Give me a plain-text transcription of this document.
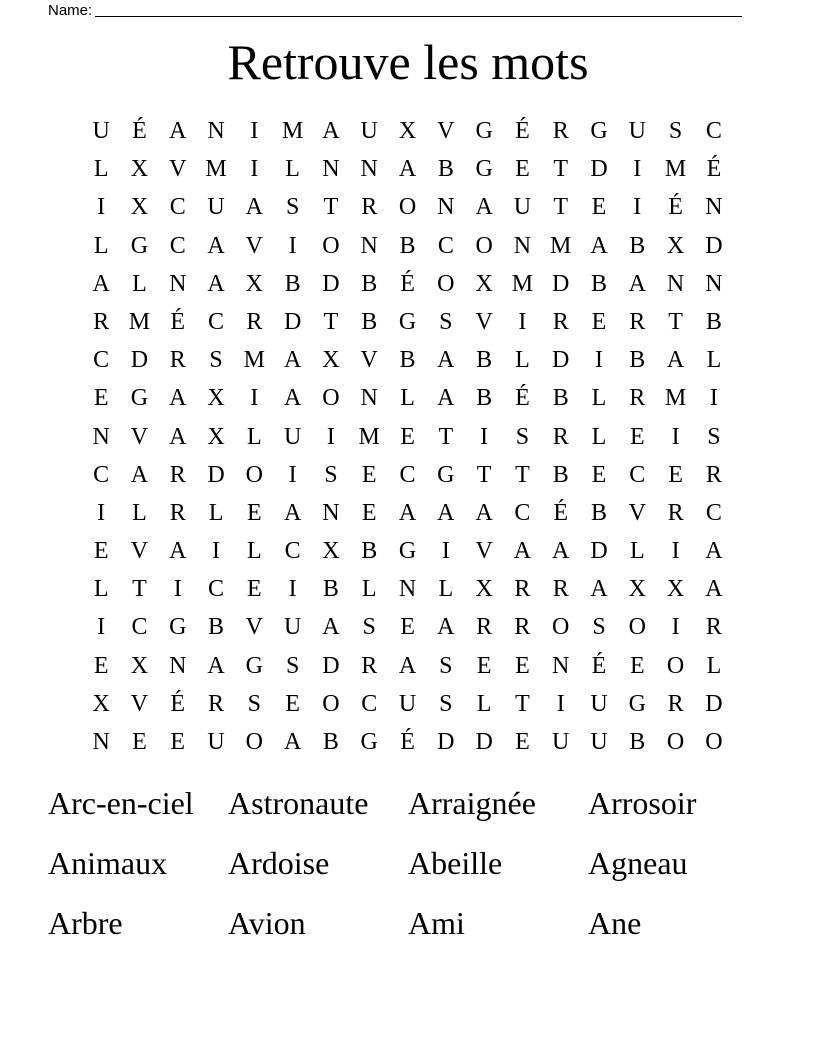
Name:
Retrouve les mots
U É A N	I M A U X V G É R G U S C
L X V M I	L N N A B G E T D	I M É
I	X C U A S	T R O N A U T E	I	É N
L G C A V	I	O N B C O N M A B X D
A L N A X B D B É O X M D B A N N
R M É C R D T B G S V	I	R E R T B
C D R S M A X V B A B L D	I	B A L
E G A X	I	A O N L A B É B L R M I
N V A X L U	I M E T	I	S R L E	I	S
C A R D O	I	S	E C G T T B E C E R
I	L R L E A N E A A A C É B V R C
E V A	I	L C X B G	I	V A A D L	I	A
L T	I	C E	I	B L N L X R R A X X A
I	C G B V U A S	E A R R O S O	I	R
E X N A G S D R A S	E E N É E O L
X V É R S	E O C U S	L T	I	U G R D
N E E U O A B G É D D E U U B O O
Arc-en-ciel	Astronaute	Arraignée	Arrosoir
Animaux	Ardoise	Abeille	Agneau
Arbre	Avion	Ami	Ane
